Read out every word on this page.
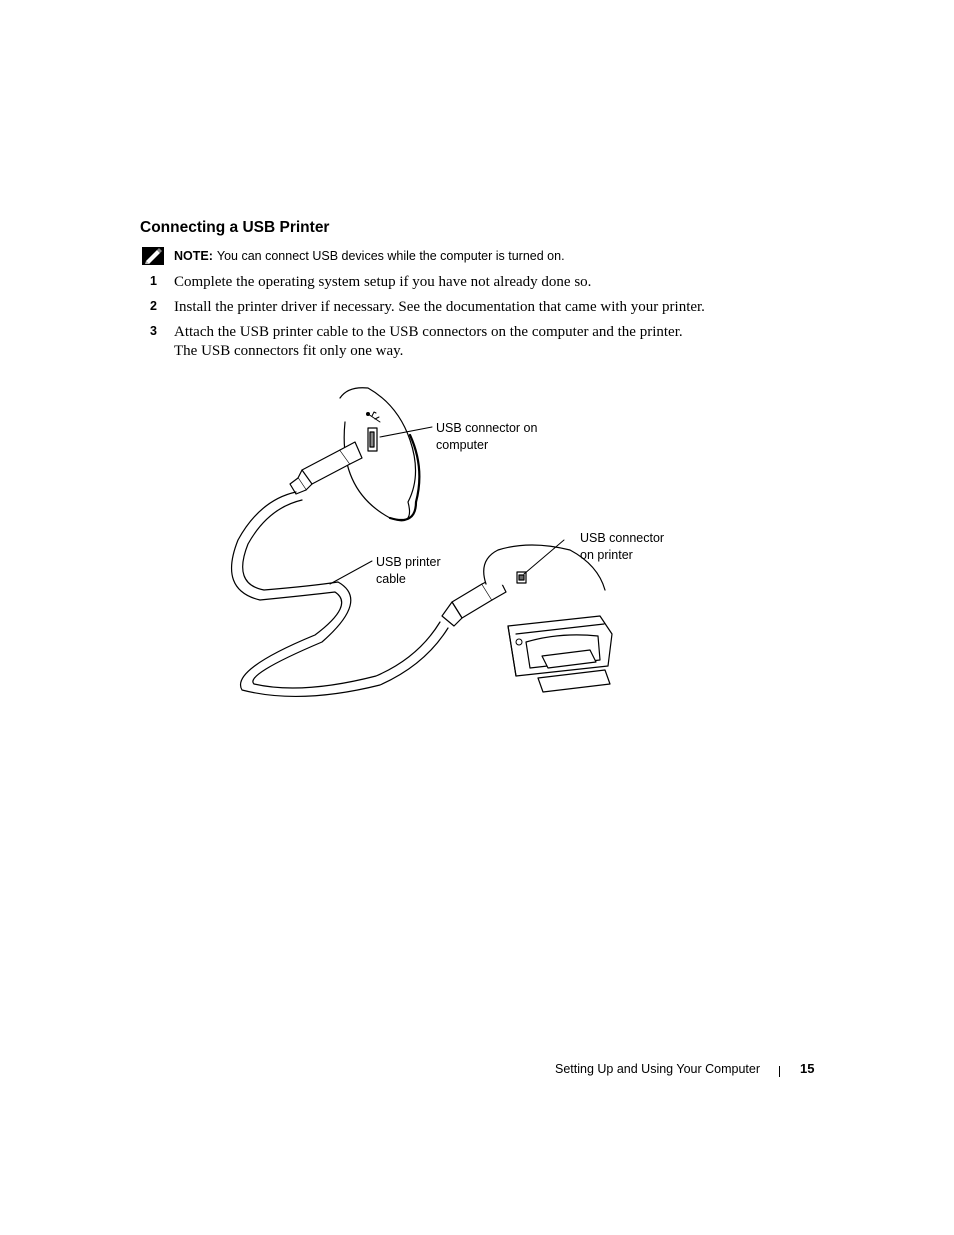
Connecting a USB Printer
NOTE: You can connect USB devices while the computer is turned on.
1 Complete the operating system setup if you have not already done so.
2 Install the printer driver if necessary. See the documentation that came with your printer.
3 Attach the USB printer cable to the USB connectors on the computer and the printer.
The USB connectors fit only one way.
USB connector on
computer
USB connector
on printer
USB printer
cable
Setting Up and Using Your Computer	15
